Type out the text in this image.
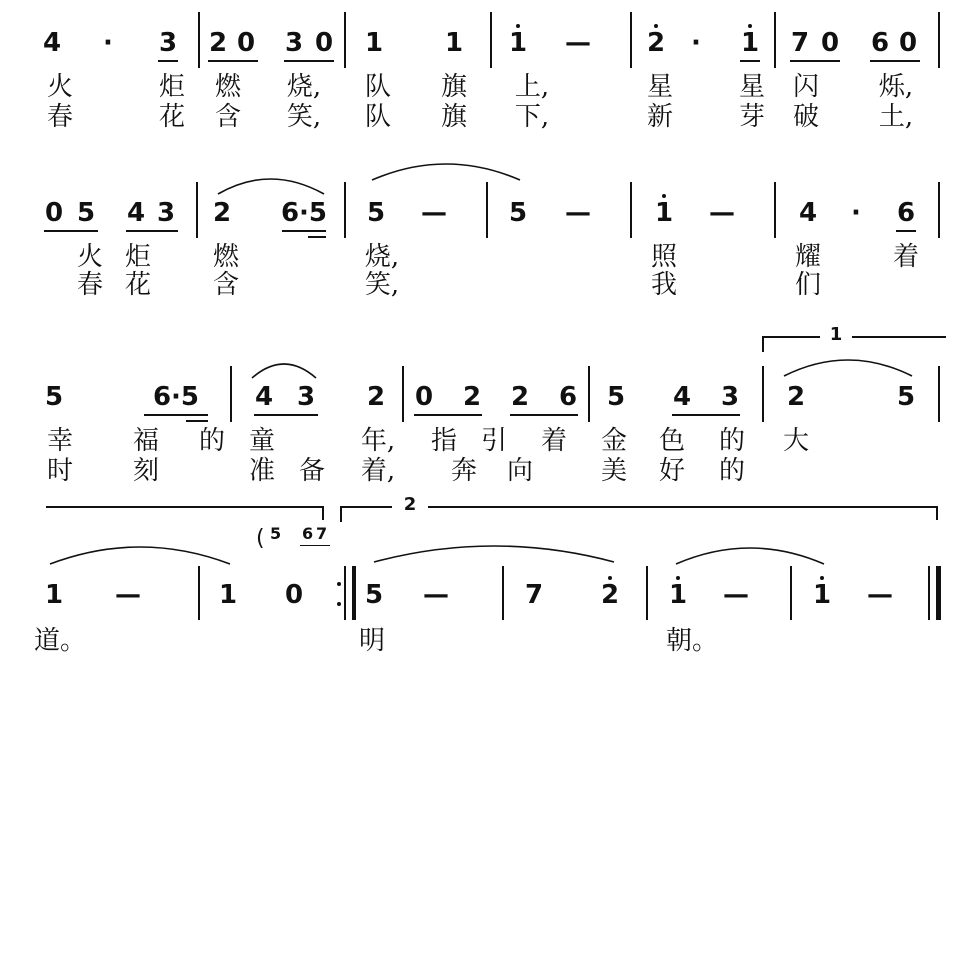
4 · 3 2 0 3 0 1 1 1 — 2 · 1 7 0 6 0
火	炬 燃 烧, 队 旗 上,	星	星 闪 烁,
春	花 含 笑, 队 旗 下,	新	芽 破 土,
0 5 4 3 2 6·5 5 — 5 — 1 — 4 · 6
火 炬 燃	烧,	照	耀	着
春 花 含	笑,	我	们
5	6·5 4 3 2 0 2 2 6 5 4 3 2	5
1
幸 福 的 童	年, 指 引 着 金 色 的 大
时 刻	准 备 着, 奔 向	美 好 的
2
( 5 6 7
1 —	1 0 5 —	7 2 1 — 1 —
道。	明	朝。
